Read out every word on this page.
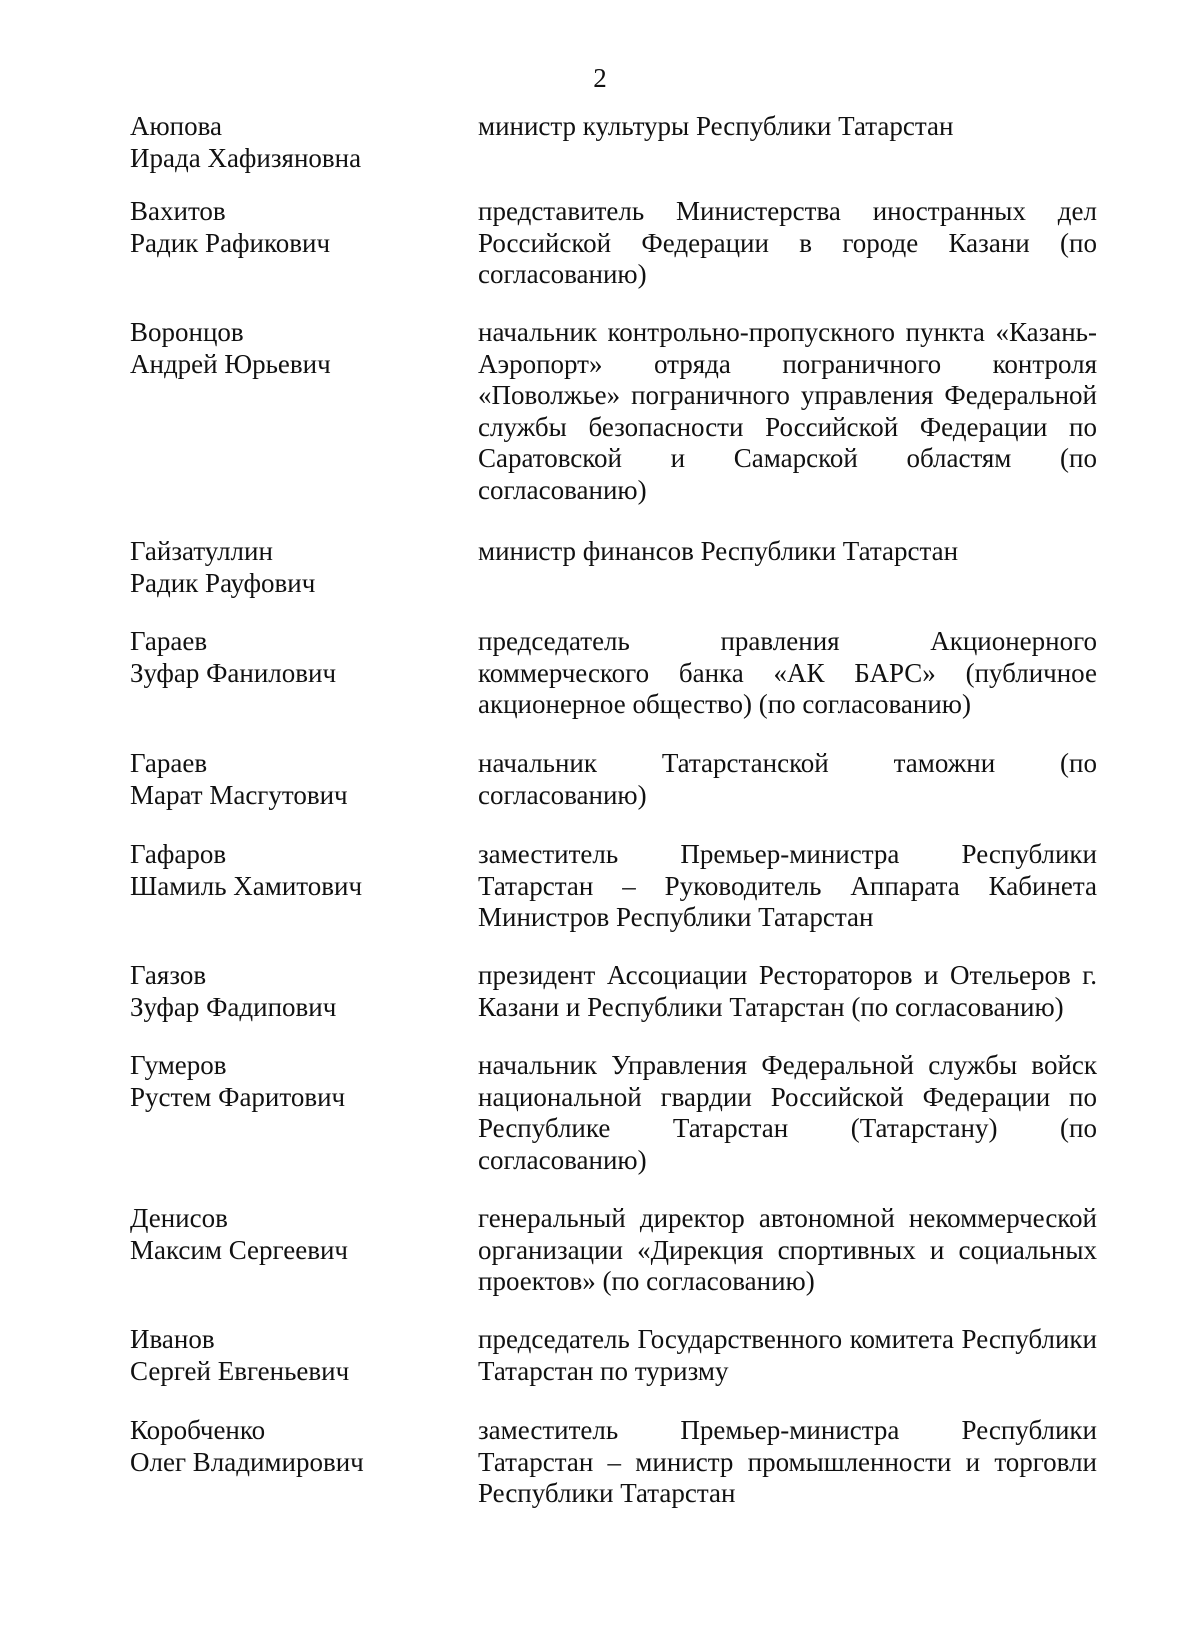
2
Аюпова
Ирада Хафизяновна
министр культуры Республики Татарстан
Вахитов
Радик Рафикович
представитель Министерства иностранных дел Российской Федерации в городе Казани (по согласованию)
Воронцов
Андрей Юрьевич
начальник контрольно-пропускного пункта «Казань-Аэропорт» отряда пограничного контроля «Поволжье» пограничного управления Федеральной службы безопасности Российской Федерации по Саратовской и Самарской областям (по согласованию)
Гайзатуллин
Радик Рауфович
министр финансов Республики Татарстан
Гараев
Зуфар Фанилович
председатель правления Акционерного коммерческого банка «АК БАРС» (публичное акционерное общество) (по согласованию)
Гараев
Марат Масгутович
начальник Татарстанской таможни (по согласованию)
Гафаров
Шамиль Хамитович
заместитель Премьер-министра Республики Татарстан – Руководитель Аппарата Кабинета Министров Республики Татарстан
Гаязов
Зуфар Фадипович
президент Ассоциации Рестораторов и Отельеров г. Казани и Республики Татарстан (по согласованию)
Гумеров
Рустем Фаритович
начальник Управления Федеральной службы войск национальной гвардии Российской Федерации по Республике Татарстан (Татарстану) (по согласованию)
Денисов
Максим Сергеевич
генеральный директор автономной некоммерческой организации «Дирекция спортивных и социальных проектов» (по согласованию)
Иванов
Сергей Евгеньевич
председатель Государственного комитета Республики Татарстан по туризму
Коробченко
Олег Владимирович
заместитель Премьер-министра Республики Татарстан – министр промышленности и торговли Республики Татарстан
